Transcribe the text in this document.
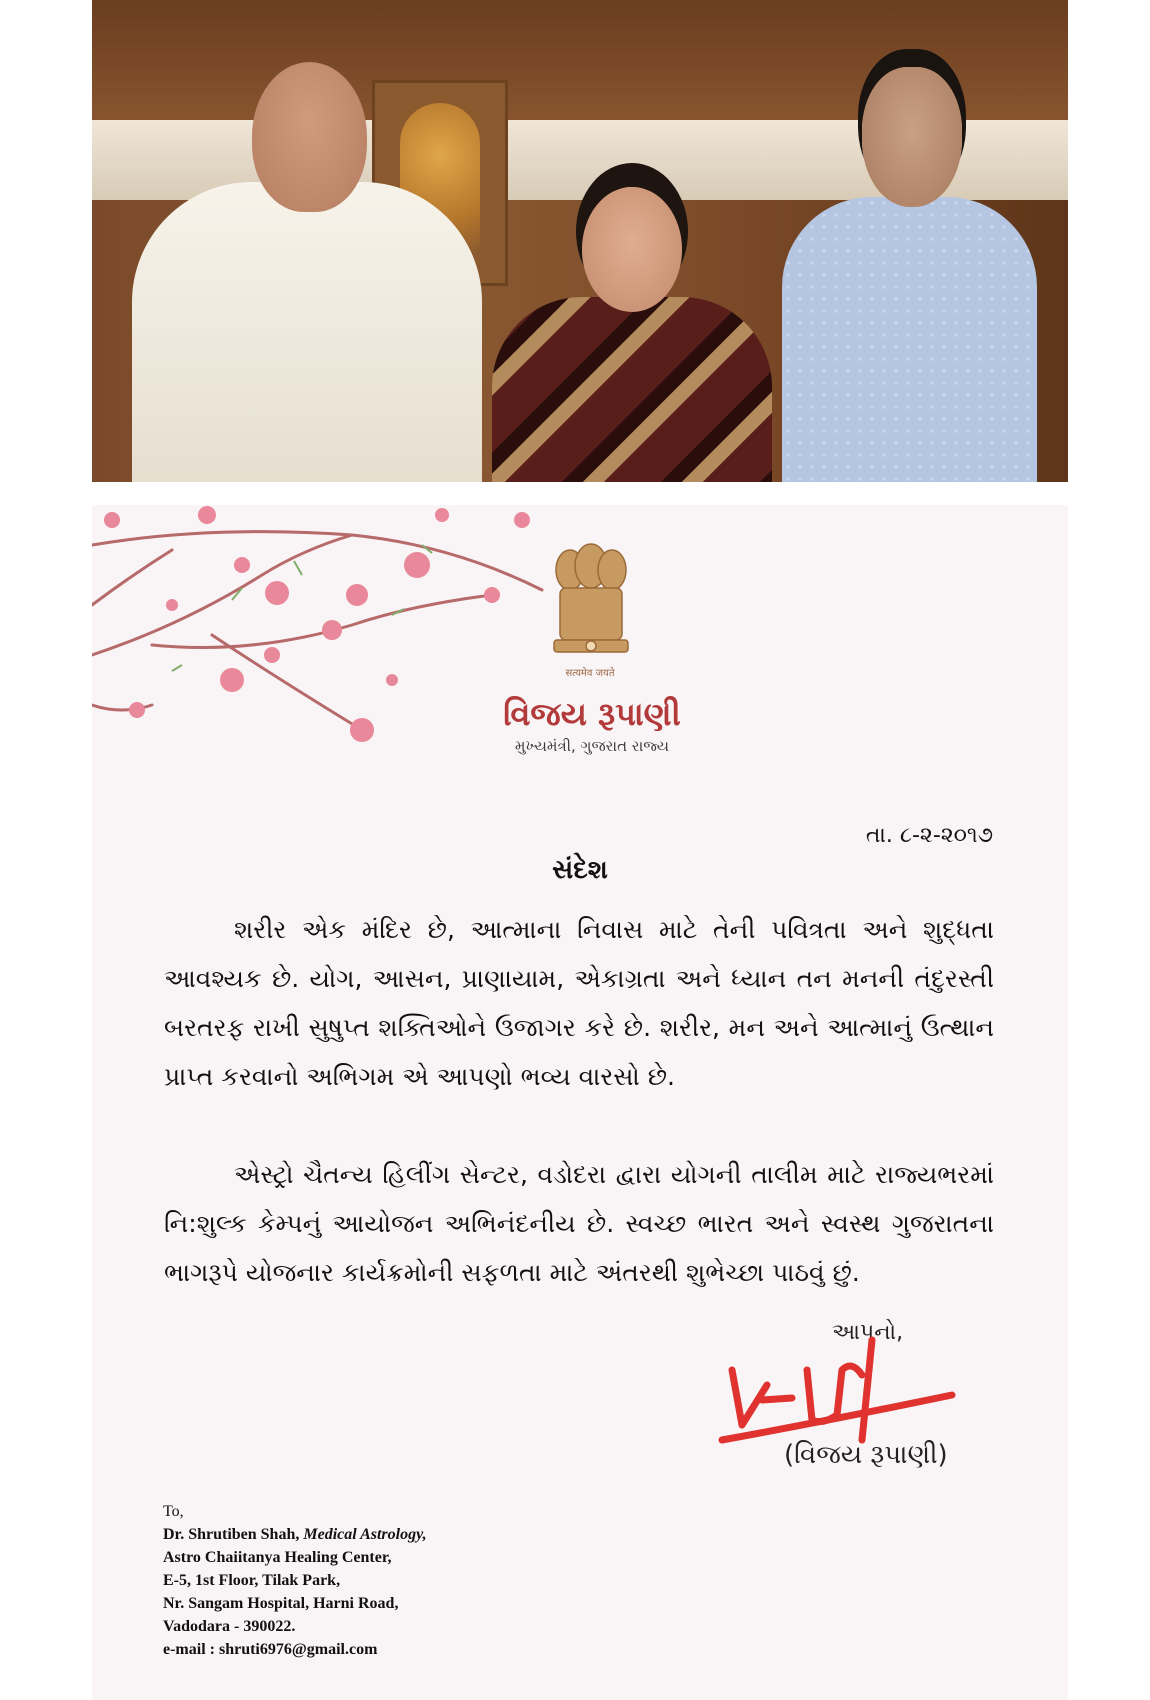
सत्यमेव जयते
વિજય રૂપાણી
મુખ્યમંત્રી, ગુજરાત રાજ્ય
તા. ૮-૨-૨૦૧૭
સંદેશ

શરીર એક મંદિર છે, આત્માના નિવાસ માટે તેની પવિત્રતા અને શુદ્ધતા આવશ્યક છે. યોગ, આસન, પ્રાણાયામ, એકાગ્રતા અને ધ્યાન તન મનની તંદુરસ્તી બરતરફ રાખી સુષુપ્ત શક્તિઓને ઉજાગર કરે છે. શરીર, મન અને આત્માનું ઉત્થાન પ્રાપ્ત કરવાનો અભિગમ એ આપણો ભવ્ય વારસો છે.

એસ્ટ્રો ચૈતન્ય હિલીંગ સેન્ટર, વડોદરા દ્વારા યોગની તાલીમ માટે રાજ્યભરમાં નિ:શુલ્ક કેમ્પનું આયોજન અભિનંદનીય છે. સ્વચ્છ ભારત અને સ્વસ્થ ગુજરાતના ભાગરૂપે યોજનાર કાર્યક્રમોની સફળતા માટે અંતરથી શુભેચ્છા પાઠવું છું.

આપનો,
(વિજય રૂપાણી)
To,
Dr. Shrutiben Shah, Medical Astrology,
Astro Chaiitanya Healing Center,
E-5, 1st Floor, Tilak Park,
Nr. Sangam Hospital, Harni Road,
Vadodara - 390022.
e-mail : shruti6976@gmail.com
